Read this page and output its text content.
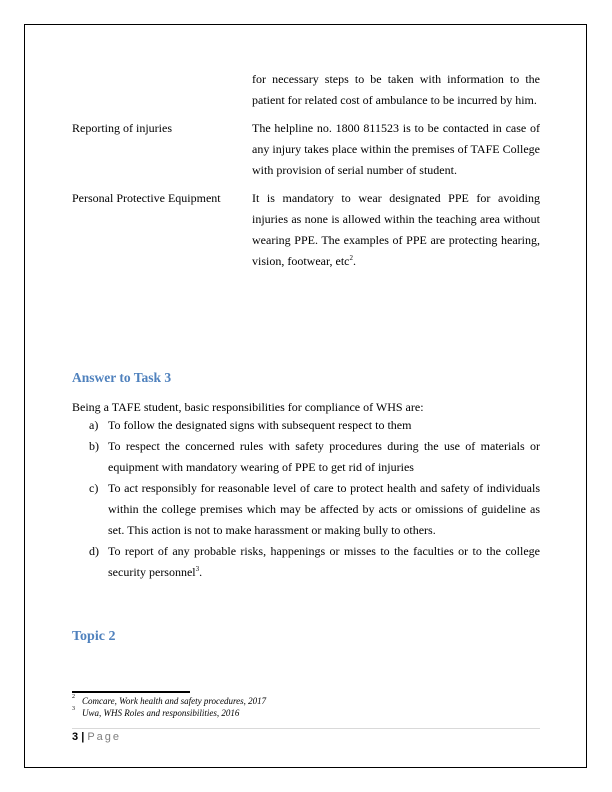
for necessary steps to be taken with information to the patient for related cost of ambulance to be incurred by him.
Reporting of injuries	The helpline no. 1800 811523 is to be contacted in case of any injury takes place within the premises of TAFE College with provision of serial number of student.
Personal Protective Equipment	It is mandatory to wear designated PPE for avoiding injuries as none is allowed within the teaching area without wearing PPE. The examples of PPE are protecting hearing, vision, footwear, etc$^2$.
Answer to Task 3
Being a TAFE student, basic responsibilities for compliance of WHS are:
a) To follow the designated signs with subsequent respect to them
b) To respect the concerned rules with safety procedures during the use of materials or equipment with mandatory wearing of PPE to get rid of injuries
c) To act responsibly for reasonable level of care to protect health and safety of individuals within the college premises which may be affected by acts or omissions of guideline as set. This action is not to make harassment or making bully to others.
d) To report of any probable risks, happenings or misses to the faculties or to the college security personnel$^3$.
Topic 2
2 Comcare, Work health and safety procedures, 2017
3 Uwa, WHS Roles and responsibilities, 2016
3 | Page
